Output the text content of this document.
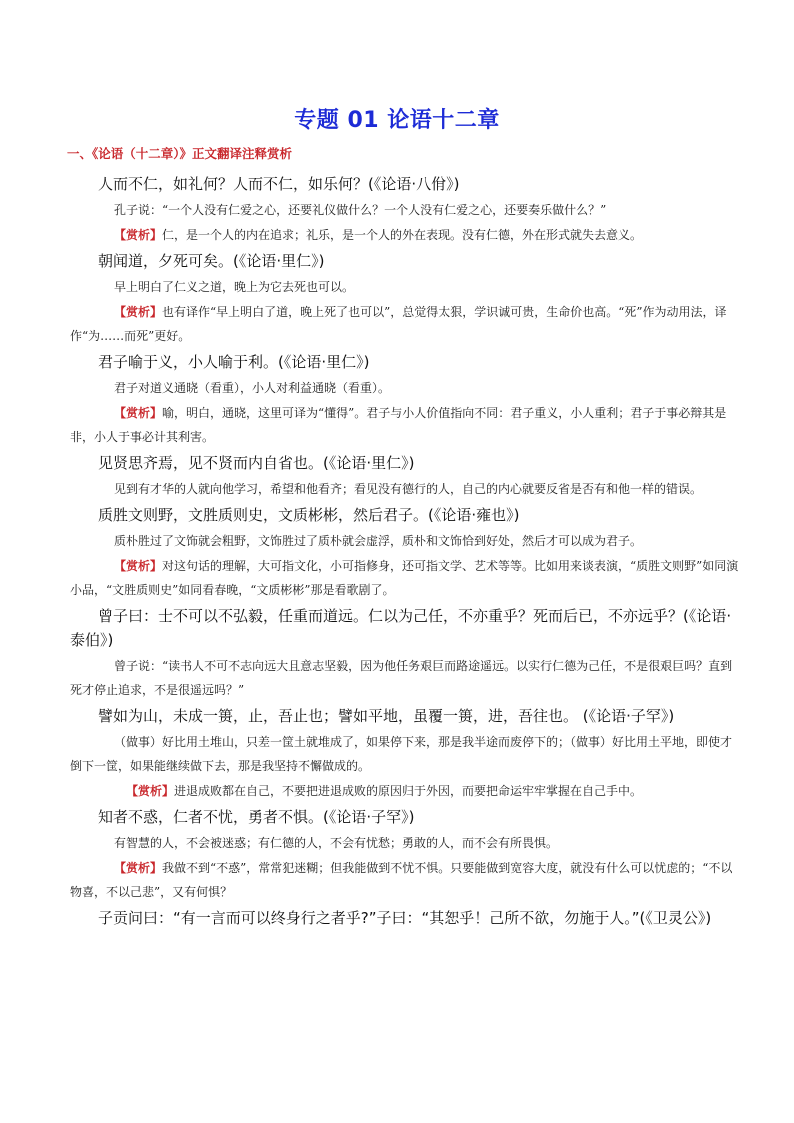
专题 01 论语十二章
一、《论语（十二章）》正文翻译注释赏析
人而不仁，如礼何？人而不仁，如乐何？(《论语·八佾》)
孔子说：“一个人没有仁爱之心，还要礼仪做什么？一个人没有仁爱之心，还要奏乐做什么？”
【赏析】仁，是一个人的内在追求；礼乐，是一个人的外在表现。没有仁德，外在形式就失去意义。
朝闻道，夕死可矣。(《论语·里仁》)
早上明白了仁义之道，晚上为它去死也可以。
【赏析】也有译作“早上明白了道，晚上死了也可以”，总觉得太狠，学识诚可贵，生命价也高。“死”作为动用法，译作“为……而死”更好。
君子喻于义，小人喻于利。(《论语·里仁》)
君子对道义通晓（看重），小人对利益通晓（看重）。
【赏析】喻，明白，通晓，这里可译为“懂得”。君子与小人价值指向不同：君子重义，小人重利；君子于事必辩其是非，小人于事必计其利害。
见贤思齐焉，见不贤而内自省也。(《论语·里仁》)
见到有才华的人就向他学习，希望和他看齐；看见没有德行的人，自己的内心就要反省是否有和他一样的错误。
质胜文则野，文胜质则史，文质彬彬，然后君子。(《论语·雍也》)
质朴胜过了文饰就会粗野，文饰胜过了质朴就会虚浮，质朴和文饰恰到好处，然后才可以成为君子。
【赏析】对这句话的理解，大可指文化，小可指修身，还可指文学、艺术等等。比如用来谈表演，“质胜文则野”如同演小品，“文胜质则史”如同看春晚，“文质彬彬”那是看歌剧了。
曾子曰：士不可以不弘毅，任重而道远。仁以为己任，不亦重乎？死而后已，不亦远乎？(《论语·泰伯》)
曾子说：“读书人不可不志向远大且意志坚毅，因为他任务艰巨而路途遥远。以实行仁德为己任，不是很艰巨吗？直到死才停止追求，不是很遥远吗？”
譬如为山，未成一篑，止，吾止也；譬如平地，虽覆一篑，进，吾往也。 (《论语·子罕》)
（做事）好比用土堆山，只差一筐土就堆成了，如果停下来，那是我半途而废停下的；（做事）好比用土平地，即使才倒下一筐，如果能继续做下去，那是我坚持不懈做成的。
【赏析】进退成败都在自己，不要把进退成败的原因归于外因，而要把命运牢牢掌握在自己手中。
知者不惑，仁者不忧，勇者不惧。(《论语·子罕》)
有智慧的人，不会被迷惑；有仁德的人，不会有忧愁；勇敢的人，而不会有所畏惧。
【赏析】我做不到“不惑”，常常犯迷糊；但我能做到不忧不惧。只要能做到宽容大度，就没有什么可以忧虑的；“不以物喜，不以己悲”，又有何惧？
子贡问曰：“有一言而可以终身行之者乎?”子曰：“其恕乎！己所不欲，勿施于人。”(《卫灵公》)
